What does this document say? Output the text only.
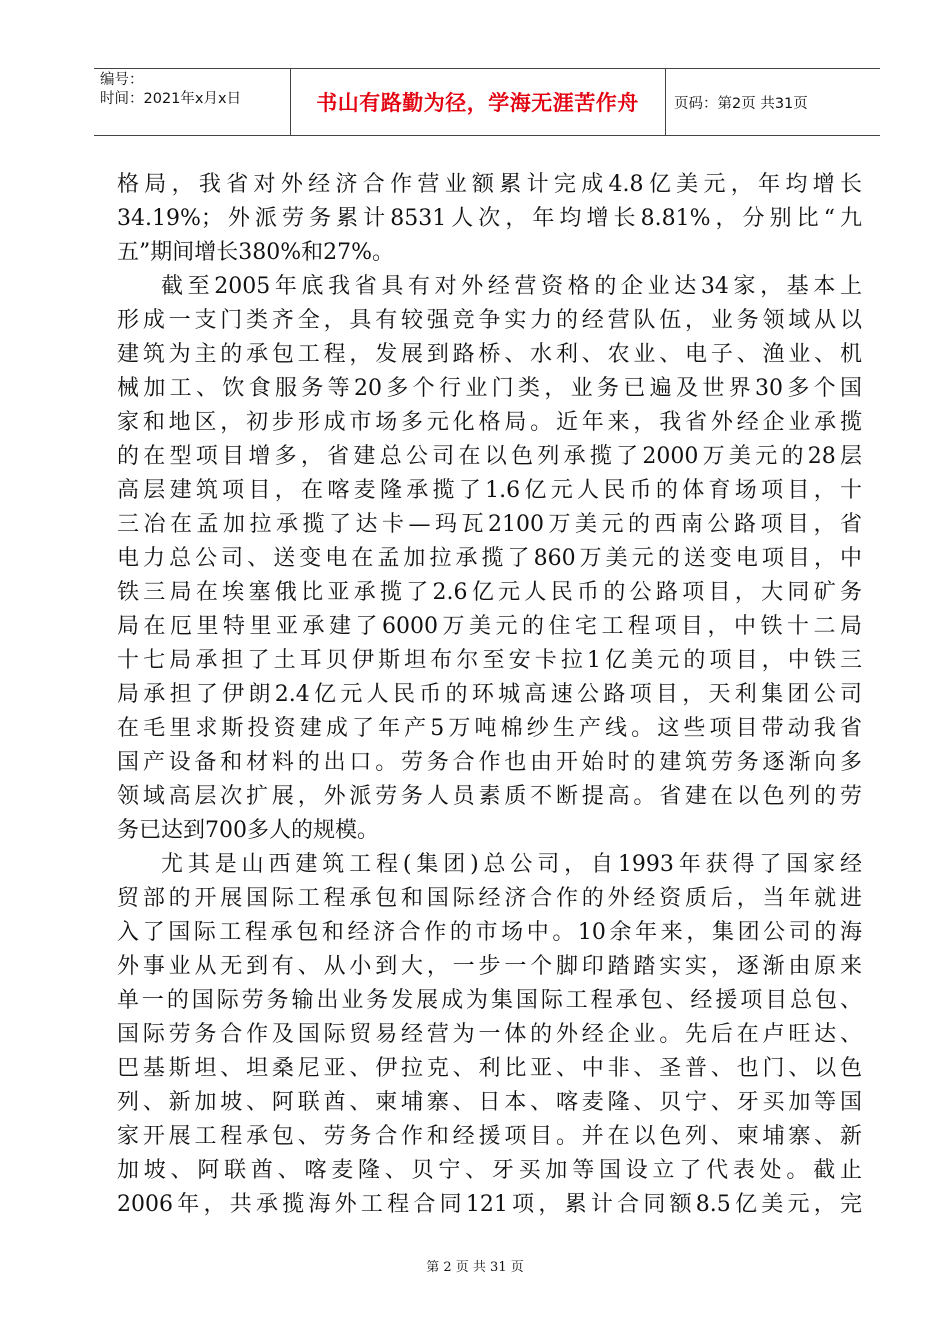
编号：
时间：2021年x月x日	书山有路勤为径，学海无涯苦作舟	页码：第2页 共31页
格局，我省对外经济合作营业额累计完成4.8亿美元，年均增长
34.19%；外派劳务累计8531人次，年均增长8.81%，分别比“九
五”期间增长380%和27%。
截至2005年底我省具有对外经营资格的企业达34家，基本上
形成一支门类齐全，具有较强竞争实力的经营队伍，业务领域从以
建筑为主的承包工程，发展到路桥、水利、农业、电子、渔业、机
械加工、饮食服务等20多个行业门类，业务已遍及世界30多个国
家和地区，初步形成市场多元化格局。近年来，我省外经企业承揽
的在型项目增多，省建总公司在以色列承揽了2000万美元的28层
高层建筑项目，在喀麦隆承揽了1.6亿元人民币的体育场项目，十
三冶在孟加拉承揽了达卡—玛瓦2100万美元的西南公路项目，省
电力总公司、送变电在孟加拉承揽了860万美元的送变电项目，中
铁三局在埃塞俄比亚承揽了2.6亿元人民币的公路项目，大同矿务
局在厄里特里亚承建了6000万美元的住宅工程项目，中铁十二局
十七局承担了土耳贝伊斯坦布尔至安卡拉1亿美元的项目，中铁三
局承担了伊朗2.4亿元人民币的环城高速公路项目，天利集团公司
在毛里求斯投资建成了年产5万吨棉纱生产线。这些项目带动我省
国产设备和材料的出口。劳务合作也由开始时的建筑劳务逐渐向多
领域高层次扩展，外派劳务人员素质不断提高。省建在以色列的劳
务已达到700多人的规模。
尤其是山西建筑工程(集团)总公司，自1993年获得了国家经
贸部的开展国际工程承包和国际经济合作的外经资质后，当年就进
入了国际工程承包和经济合作的市场中。10余年来，集团公司的海
外事业从无到有、从小到大，一步一个脚印踏踏实实，逐渐由原来
单一的国际劳务输出业务发展成为集国际工程承包、经援项目总包、
国际劳务合作及国际贸易经营为一体的外经企业。先后在卢旺达、
巴基斯坦、坦桑尼亚、伊拉克、利比亚、中非、圣普、也门、以色
列、新加坡、阿联酋、柬埔寨、日本、喀麦隆、贝宁、牙买加等国
家开展工程承包、劳务合作和经援项目。并在以色列、柬埔寨、新
加坡、阿联酋、喀麦隆、贝宁、牙买加等国设立了代表处。截止
2006年，共承揽海外工程合同121项，累计合同额8.5亿美元，完
第 2 页 共 31 页
